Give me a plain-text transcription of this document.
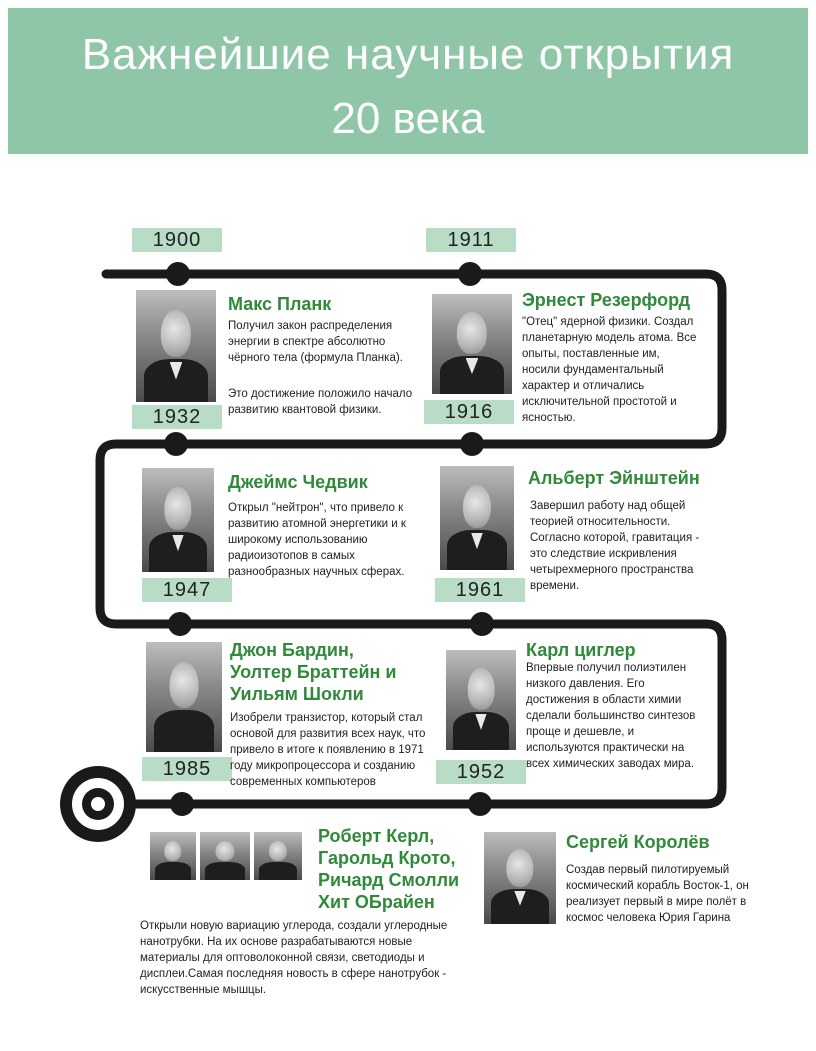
Важнейшие научные открытия
20 века
1900	1911
1932	1916
1947	1961
1985	1952
Макс Планк
Получил закон распределения энергии в спектре абсолютно чёрного тела (формула Планка).
Это достижение положило начало развитию квантовой физики.
Эрнест Резерфорд
"Отец" ядерной физики. Создал планетарную модель атома. Все опыты, поставленные им, носили фундаментальный характер и отличались исключительной простотой и ясностью.
Джеймс Чедвик
Открыл "нейтрон", что привело к развитию атомной энергетики и к широкому использованию радиоизотопов в самых разнообразных научных сферах.
Альберт Эйнштейн
Завершил работу над общей теорией относительности. Согласно которой, гравитация - это следствие искривления четырехмерного пространства времени.
Джон Бардин,
Уолтер Браттейн и
Уильям Шокли
Изобрели транзистор, который стал основой для развития всех наук, что привело в итоге к появлению в 1971 году микропроцессора и созданию современных компьютеров
Карл циглер
Впервые получил полиэтилен низкого давления. Его достижения в области химии сделали большинство синтезов проще и дешевле, и используются практически на всех химических заводах мира.
Роберт Керл,
Гарольд Крото,
Ричард Смолли
Хит ОБрайен
Открыли новую вариацию углерода, создали углеродные нанотрубки. На их основе разрабатываются новые материалы для оптоволоконной связи, светодиоды и дисплеи.Самая последняя новость в сфере нанотрубок - искусственные мышцы.
Сергей Королёв
Создав первый пилотируемый космический корабль Восток-1, он реализует первый в мире полёт в космос человека Юрия Гарина
